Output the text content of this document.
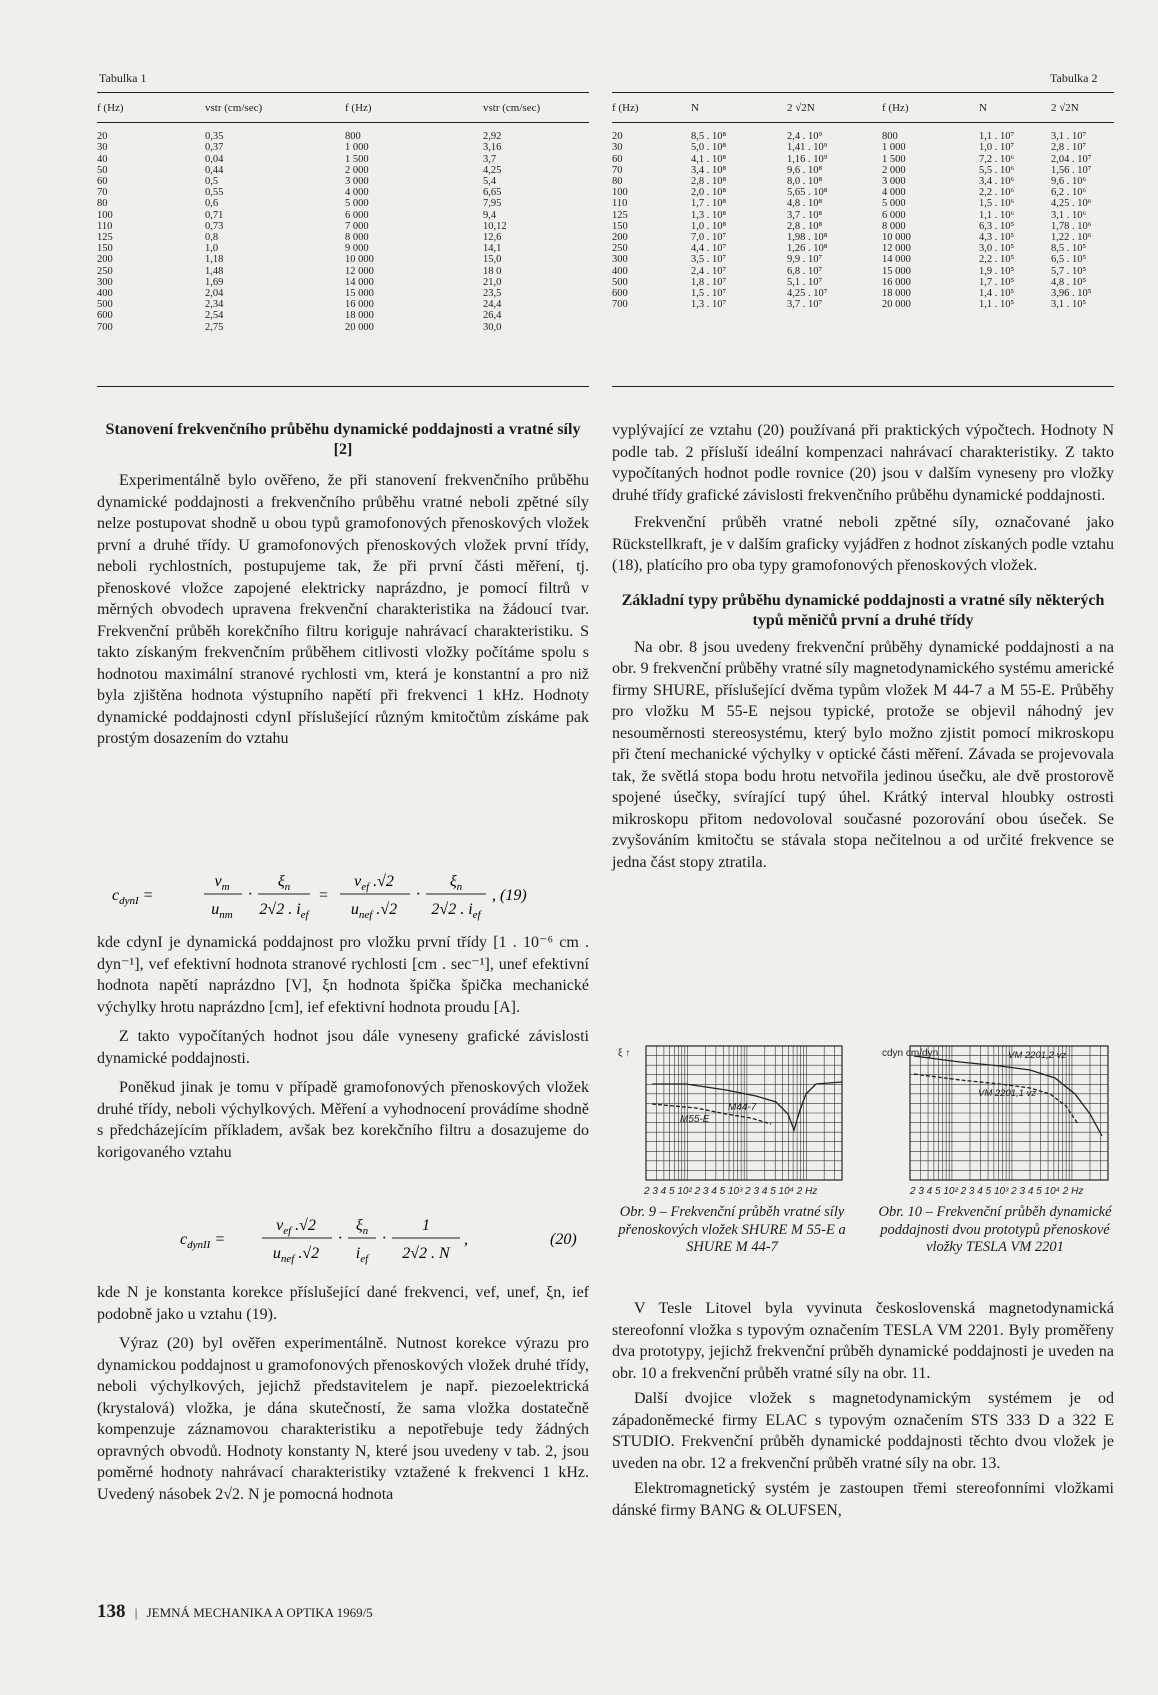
Tabulka 1	Tabulka 2
f (Hz)	vstr (cm/sec)	f (Hz)	vstr (cm/sec)
20	0,35	800	2,92
30	0,37	1 000	3,16
40	0,04	1 500	3,7
50	0,44	2 000	4,25
60	0,5	3 000	5,4
70	0,55	4 000	6,65
80	0,6	5 000	7,95
100	0,71	6 000	9,4
110	0,73	7 000	10,12
125	0,8	8 000	12,6
150	1,0	9 000	14,1
200	1,18	10 000	15,0
250	1,48	12 000	18 0
300	1,69	14 000	21,0
400	2,04	15 000	23,5
500	2,34	16 000	24,4
600	2,54	18 000	26,4
700	2,75	20 000	30,0
f (Hz)	N	2 √2N	f (Hz)	N	2 √2N
20	8,5 . 10⁸	2,4 . 10⁹	800	1,1 . 10⁷	3,1 . 10⁷
30	5,0 . 10⁸	1,41 . 10⁹	1 000	1,0 . 10⁷	2,8 . 10⁷
60	4,1 . 10⁸	1,16 . 10⁹	1 500	7,2 . 10⁶	2,04 . 10⁷
70	3,4 . 10⁸	9,6 . 10⁸	2 000	5,5 . 10⁶	1,56 . 10⁷
80	2,8 . 10⁸	8,0 . 10⁸	3 000	3,4 . 10⁶	9,6 . 10⁶
100	2,0 . 10⁸	5,65 . 10⁸	4 000	2,2 . 10⁶	6,2 . 10⁶
110	1,7 . 10⁸	4,8 . 10⁸	5 000	1,5 . 10⁶	4,25 . 10⁶
125	1,3 . 10⁸	3,7 . 10⁸	6 000	1,1 . 10⁶	3,1 . 10⁶
150	1,0 . 10⁸	2,8 . 10⁸	8 000	6,3 . 10⁵	1,78 . 10⁶
200	7,0 . 10⁷	1,98 . 10⁸	10 000	4,3 . 10⁵	1,22 . 10⁶
250	4,4 . 10⁷	1,26 . 10⁸	12 000	3,0 . 10⁵	8,5 . 10⁵
300	3,5 . 10⁷	9,9 . 10⁷	14 000	2,2 . 10⁵	6,5 . 10⁵
400	2,4 . 10⁷	6,8 . 10⁷	15 000	1,9 . 10⁵	5,7 . 10⁵
500	1,8 . 10⁷	5,1 . 10⁷	16 000	1,7 . 10⁵	4,8 . 10⁵
600	1,5 . 10⁷	4,25 . 10⁷	18 000	1,4 . 10⁵	3,96 . 10⁵
700	1,3 . 10⁷	3,7 . 10⁷	20 000	1,1 . 10⁵	3,1 . 10⁵
Stanovení frekvenčního průběhu dynamické poddajnosti a vratné síly [2]

Experimentálně bylo ověřeno, že při stanovení frekvenčního průběhu dynamické poddajnosti a frekvenčního průběhu vratné neboli zpětné síly nelze postupovat shodně u obou typů gramofonových přenoskových vložek první a druhé třídy. U gramofonových přenoskových vložek první třídy, neboli rychlostních, postupujeme tak, že při první části měření, tj. přenoskové vložce zapojené elektricky naprázdno, je pomocí filtrů v měrných obvodech upravena frekvenční charakteristika na žádoucí tvar. Frekvenční průběh korekčního filtru koriguje nahrávací charakteristiku. S takto získaným frekvenčním průběhem citlivosti vložky počítáme spolu s hodnotou maximální stranové rychlosti vm, která je konstantní a pro niž byla zjištěna hodnota výstupního napětí při frekvenci 1 kHz. Hodnoty dynamické poddajnosti cdynI příslušející různým kmitočtům získáme pak prostým dosazením do vztahu

$c_{dynI}$ =
$v_m$
$u_{nm}$
·
$\xi_n$
2√2 . $i_{ef}$
=
$v_{ef}$ .√2
$u_{nef}$ .√2
·
$\xi_n$
2√2 . $i_{ef}$
, (19)

kde cdynI je dynamická poddajnost pro vložku první třídy [1 . 10⁻⁶ cm . dyn⁻¹], vef efektivní hodnota stranové rychlosti [cm . sec⁻¹], unef efektivní hodnota napětí naprázdno [V], ξn hodnota špička špička mechanické výchylky hrotu naprázdno [cm], ief efektivní hodnota proudu [A].

Z takto vypočítaných hodnot jsou dále vyneseny grafické závislosti dynamické poddajnosti.

Poněkud jinak je tomu v případě gramofonových přenoskových vložek druhé třídy, neboli výchylkových. Měření a vyhodnocení provádíme shodně s předcházejícím příkladem, avšak bez korekčního filtru a dosazujeme do korigovaného vztahu

$c_{dynII}$ =
$v_{ef}$ .√2
$u_{nef}$ .√2
·
$\xi_n$
$i_{ef}$
·
1
2√2 . N
,	(20)

kde N je konstanta korekce příslušející dané frekvenci, vef, unef, ξn, ief podobně jako u vztahu (19).

Výraz (20) byl ověřen experimentálně. Nutnost korekce výrazu pro dynamickou poddajnost u gramofonových přenoskových vložek druhé třídy, neboli výchylkových, jejichž představitelem je např. piezoelektrická (krystalová) vložka, je dána skutečností, že sama vložka dostatečně kompenzuje záznamovou charakteristiku a nepotřebuje tedy žádných opravných obvodů. Hodnoty konstanty N, které jsou uvedeny v tab. 2, jsou poměrné hodnoty nahrávací charakteristiky vztažené k frekvenci 1 kHz. Uvedený násobek 2√2. N je pomocná hodnota

vyplývající ze vztahu (20) používaná při praktických výpočtech. Hodnoty N podle tab. 2 přísluší ideální kompenzaci nahrávací charakteristiky. Z takto vypočítaných hodnot podle rovnice (20) jsou v dalším vyneseny pro vložky druhé třídy grafické závislosti frekvenčního průběhu dynamické poddajnosti.

Frekvenční průběh vratné neboli zpětné síly, označované jako Rückstellkraft, je v dalším graficky vyjádřen z hodnot získaných podle vztahu (18), platícího pro oba typy gramofonových přenoskových vložek.

Základní typy průběhu dynamické poddajnosti a vratné síly některých typů měničů první a druhé třídy

Na obr. 8 jsou uvedeny frekvenční průběhy dynamické poddajnosti a na obr. 9 frekvenční průběhy vratné síly magnetodynamického systému americké firmy SHURE, příslušející dvěma typům vložek M 44-7 a M 55-E. Průběhy pro vložku M 55-E nejsou typické, protože se objevil náhodný jev nesouměrnosti stereosystému, který bylo možno zjistit pomocí mikroskopu při čtení mechanické výchylky v optické části měření. Závada se projevovala tak, že světlá stopa bodu hrotu netvořila jedinou úsečku, ale dvě prostorově spojené úsečky, svírající tupý úhel. Krátký interval hloubky ostrosti mikroskopu přitom nedovoloval současné pozorování obou úseček. Se zvyšováním kmitočtu se stávala stopa nečitelnou a od určité frekvence se jedna část stopy ztratila.

ξ ↑
M44-7
M55-E
2 3 4 5 10² 2 3 4 5 10³ 2 3 4 5 10⁴ 2 Hz
cdyn cm/dyn	VM 2201,2 vz
VM 2201,1 vz
2 3 4 5 10² 2 3 4 5 10³ 2 3 4 5 10⁴ 2 Hz
Obr. 9 – Frekvenční průběh vratné síly přenoskových vložek SHURE M 55-E a SHURE M 44-7
Obr. 10 – Frekvenční průběh dynamické poddajnosti dvou prototypů přenoskové vložky TESLA VM 2201

V Tesle Litovel byla vyvinuta československá magnetodynamická stereofonní vložka s typovým označením TESLA VM 2201. Byly proměřeny dva prototypy, jejichž frekvenční průběh dynamické poddajnosti je uveden na obr. 10 a frekvenční průběh vratné síly na obr. 11.

Další dvojice vložek s magnetodynamickým systémem je od západoněmecké firmy ELAC s typovým označením STS 333 D a 322 E STUDIO. Frekvenční průběh dynamické poddajnosti těchto dvou vložek je uveden na obr. 12 a frekvenční průběh vratné síly na obr. 13.

Elektromagnetický systém je zastoupen třemi stereofonními vložkami dánské firmy BANG & OLUFSEN,

138 | JEMNÁ MECHANIKA A OPTIKA 1969/5
